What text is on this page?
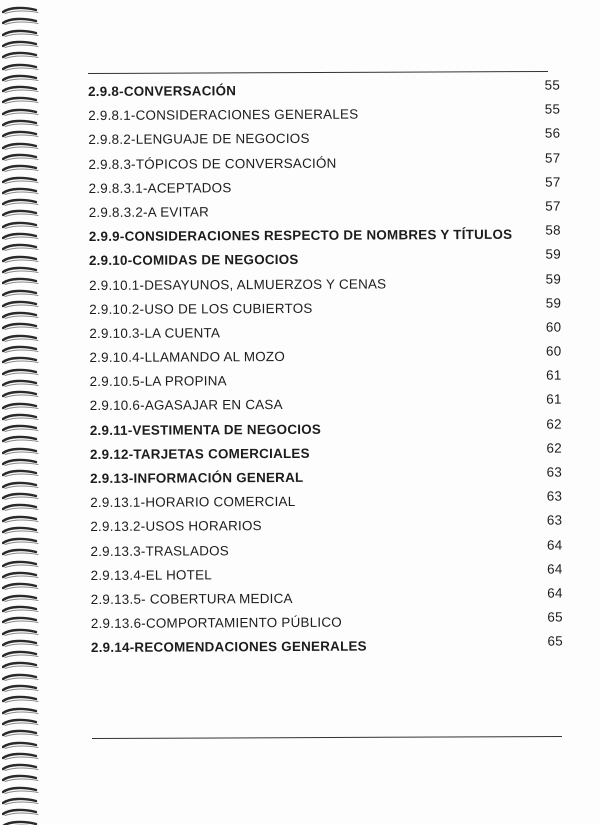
2.9.8-CONVERSACIÓN	55
2.9.8.1-CONSIDERACIONES GENERALES	55
2.9.8.2-LENGUAJE DE NEGOCIOS	56
2.9.8.3-TÓPICOS DE CONVERSACIÓN	57
2.9.8.3.1-ACEPTADOS	57
2.9.8.3.2-A EVITAR	57
2.9.9-CONSIDERACIONES RESPECTO DE NOMBRES Y TÍTULOS 58
2.9.10-COMIDAS DE NEGOCIOS	59
2.9.10.1-DESAYUNOS, ALMUERZOS Y CENAS	59
2.9.10.2-USO DE LOS CUBIERTOS	59
2.9.10.3-LA CUENTA	60
2.9.10.4-LLAMANDO AL MOZO	60
2.9.10.5-LA PROPINA	61
2.9.10.6-AGASAJAR EN CASA	61
2.9.11-VESTIMENTA DE NEGOCIOS	62
2.9.12-TARJETAS COMERCIALES	62
2.9.13-INFORMACIÓN GENERAL	63
2.9.13.1-HORARIO COMERCIAL	63
2.9.13.2-USOS HORARIOS	63
2.9.13.3-TRASLADOS	64
2.9.13.4-EL HOTEL	64
2.9.13.5- COBERTURA MEDICA	64
2.9.13.6-COMPORTAMIENTO PÚBLICO	65
2.9.14-RECOMENDACIONES GENERALES	65
